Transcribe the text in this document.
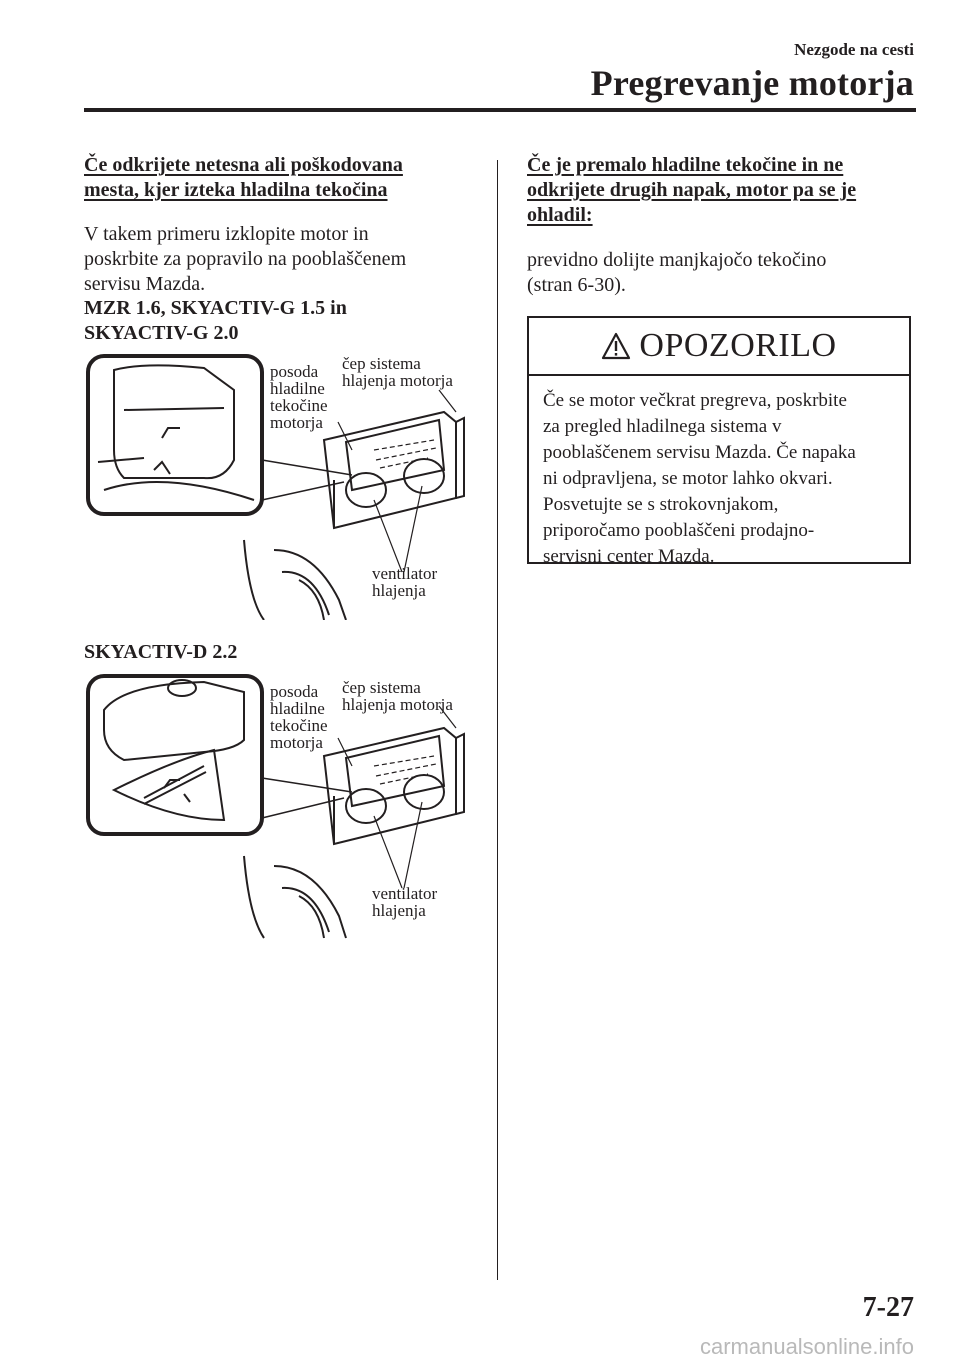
Nezgode na cesti
Pregrevanje motorja

Če odkrijete netesna ali poškodovana

mesta, kjer izteka hladilna tekočina

V takem primeru izklopite motor in

poskrbite za popravilo na pooblaščenem

servisu Mazda.

MZR 1.6, SKYACTIV-G 1.5 in

SKYACTIV-G 2.0

posoda
hladilne
tekočine
motorja
čep sistema
hlajenja motorja
ventilator
hlajenja

SKYACTIV-D 2.2

posoda
hladilne
tekočine
motorja
čep sistema
hlajenja motorja
ventilator
hlajenja

Če je premalo hladilne tekočine in ne

odkrijete drugih napak, motor pa se je

ohladil:

previdno dolijte manjkajočo tekočino

(stran 6-30).

OPOZORILO
Če se motor večkrat pregreva, poskrbite
za pregled hladilnega sistema v
pooblaščenem servisu Mazda. Če napaka
ni odpravljena, se motor lahko okvari.
Posvetujte se s strokovnjakom,
priporočamo pooblaščeni prodajno-
servisni center Mazda.
7-27
carmanualsonline.info
